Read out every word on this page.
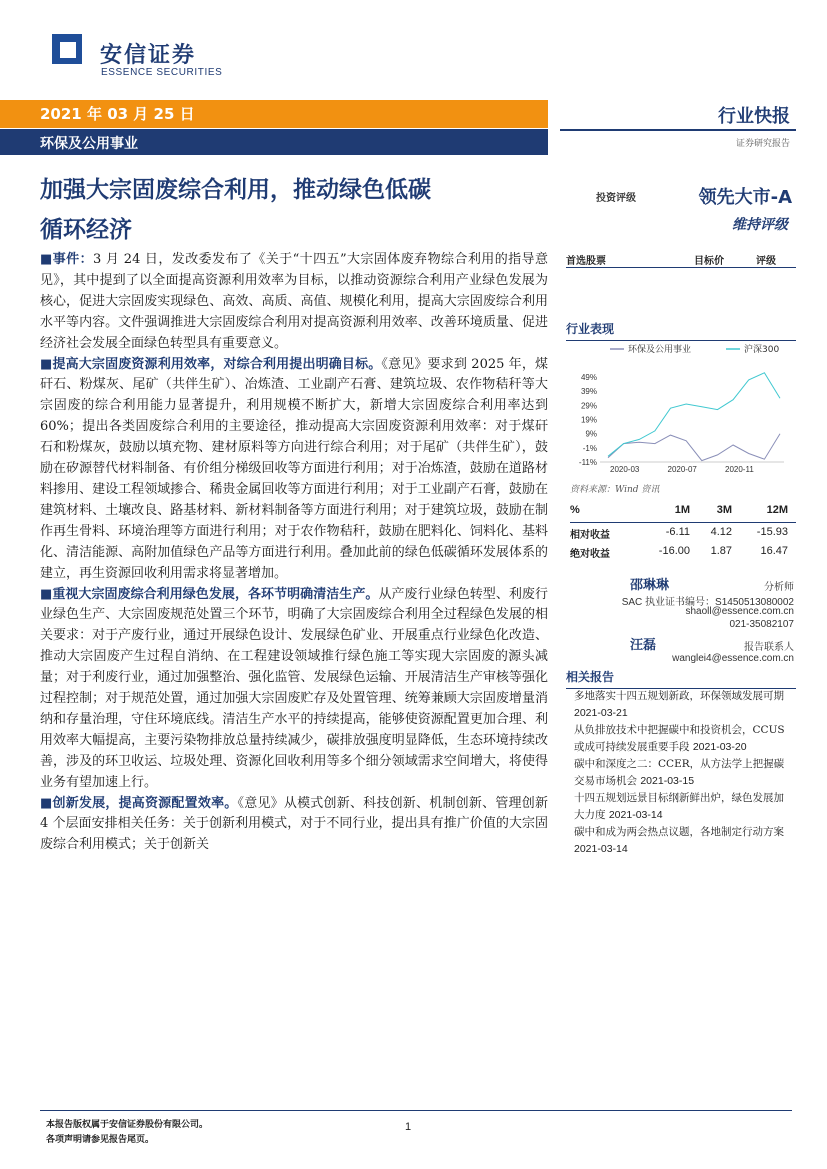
安信证券
ESSENCE SECURITIES
2021 年 03 月 25 日
环保及公用事业
行业快报
证券研究报告
加强大宗固废综合利用，推动绿色低碳
循环经济
投资评级	领先大市-A
维持评级
首选股票	目标价	评级
行业表现
环保及公用事业	沪深300
49%
39%
29%
19%
9%
-1%
-11%
2020-03	2020-07	2020-11
资料来源：Wind 资讯
%	1M	3M	12M
相对收益	-6.11	4.12	-15.93
绝对收益	-16.00	1.87	16.47
邵琳琳	分析师
SAC 执业证书编号：S1450513080002
shaoll@essence.com.cn
021-35082107
汪磊	报告联系人
wanglei4@essence.com.cn
相关报告
多地落实十四五规划新政，环保领域发展可期 2021-03-21
从负排放技术中把握碳中和投资机会，CCUS 或成可持续发展重要手段 2021-03-20
碳中和深度之二：CCER，从方法学上把握碳交易市场机会 2021-03-15
十四五规划远景目标纲新鲜出炉，绿色发展加大力度 2021-03-14
碳中和成为两会热点议题，各地制定行动方案 2021-03-14

■事件：3 月 24 日，发改委发布了《关于“十四五”大宗固体废弃物综合利用的指导意见》，其中提到了以全面提高资源利用效率为目标，以推动资源综合利用产业绿色发展为核心，促进大宗固废实现绿色、高效、高质、高值、规模化利用，提高大宗固废综合利用水平等内容。文件强调推进大宗固废综合利用对提高资源利用效率、改善环境质量、促进经济社会发展全面绿色转型具有重要意义。

■提高大宗固废资源利用效率，对综合利用提出明确目标。《意见》要求到 2025 年，煤矸石、粉煤灰、尾矿（共伴生矿）、冶炼渣、工业副产石膏、建筑垃圾、农作物秸秆等大宗固废的综合利用能力显著提升，利用规模不断扩大，新增大宗固废综合利用率达到 60%；提出各类固废综合利用的主要途径，推动提高大宗固废资源利用效率：对于煤矸石和粉煤灰，鼓励以填充物、建材原料等方向进行综合利用；对于尾矿（共伴生矿），鼓励在矽源替代材料制备、有价组分梯级回收等方面进行利用；对于冶炼渣，鼓励在道路材料掺用、建设工程领域掺合、稀贵金属回收等方面进行利用；对于工业副产石膏，鼓励在建筑材料、土壤改良、路基材料、新材料制备等方面进行利用；对于建筑垃圾，鼓励在制作再生骨料、环境治理等方面进行利用；对于农作物秸秆，鼓励在肥料化、饲料化、基料化、清洁能源、高附加值绿色产品等方面进行利用。叠加此前的绿色低碳循环发展体系的建立，再生资源回收利用需求将显著增加。

■重视大宗固废综合利用绿色发展，各环节明确清洁生产。从产废行业绿色转型、利废行业绿色生产、大宗固废规范处置三个环节，明确了大宗固废综合利用全过程绿色发展的相关要求：对于产废行业，通过开展绿色设计、发展绿色矿业、开展重点行业绿色化改造、推动大宗固废产生过程自消纳、在工程建设领域推行绿色施工等实现大宗固废的源头减量；对于利废行业，通过加强整治、强化监管、发展绿色运输、开展清洁生产审核等强化过程控制；对于规范处置，通过加强大宗固废贮存及处置管理、统筹兼顾大宗固废增量消纳和存量治理，守住环境底线。清洁生产水平的持续提高，能够使资源配置更加合理、利用效率大幅提高，主要污染物排放总量持续减少，碳排放强度明显降低，生态环境持续改善，涉及的环卫收运、垃圾处理、资源化回收利用等多个细分领域需求空间增大，将使得业务有望加速上行。

■创新发展，提高资源配置效率。《意见》从模式创新、科技创新、机制创新、管理创新 4 个层面安排相关任务：关于创新利用模式，对于不同行业，提出具有推广价值的大宗固废综合利用模式；关于创新关

本报告版权属于安信证券股份有限公司。
各项声明请参见报告尾页。
1
